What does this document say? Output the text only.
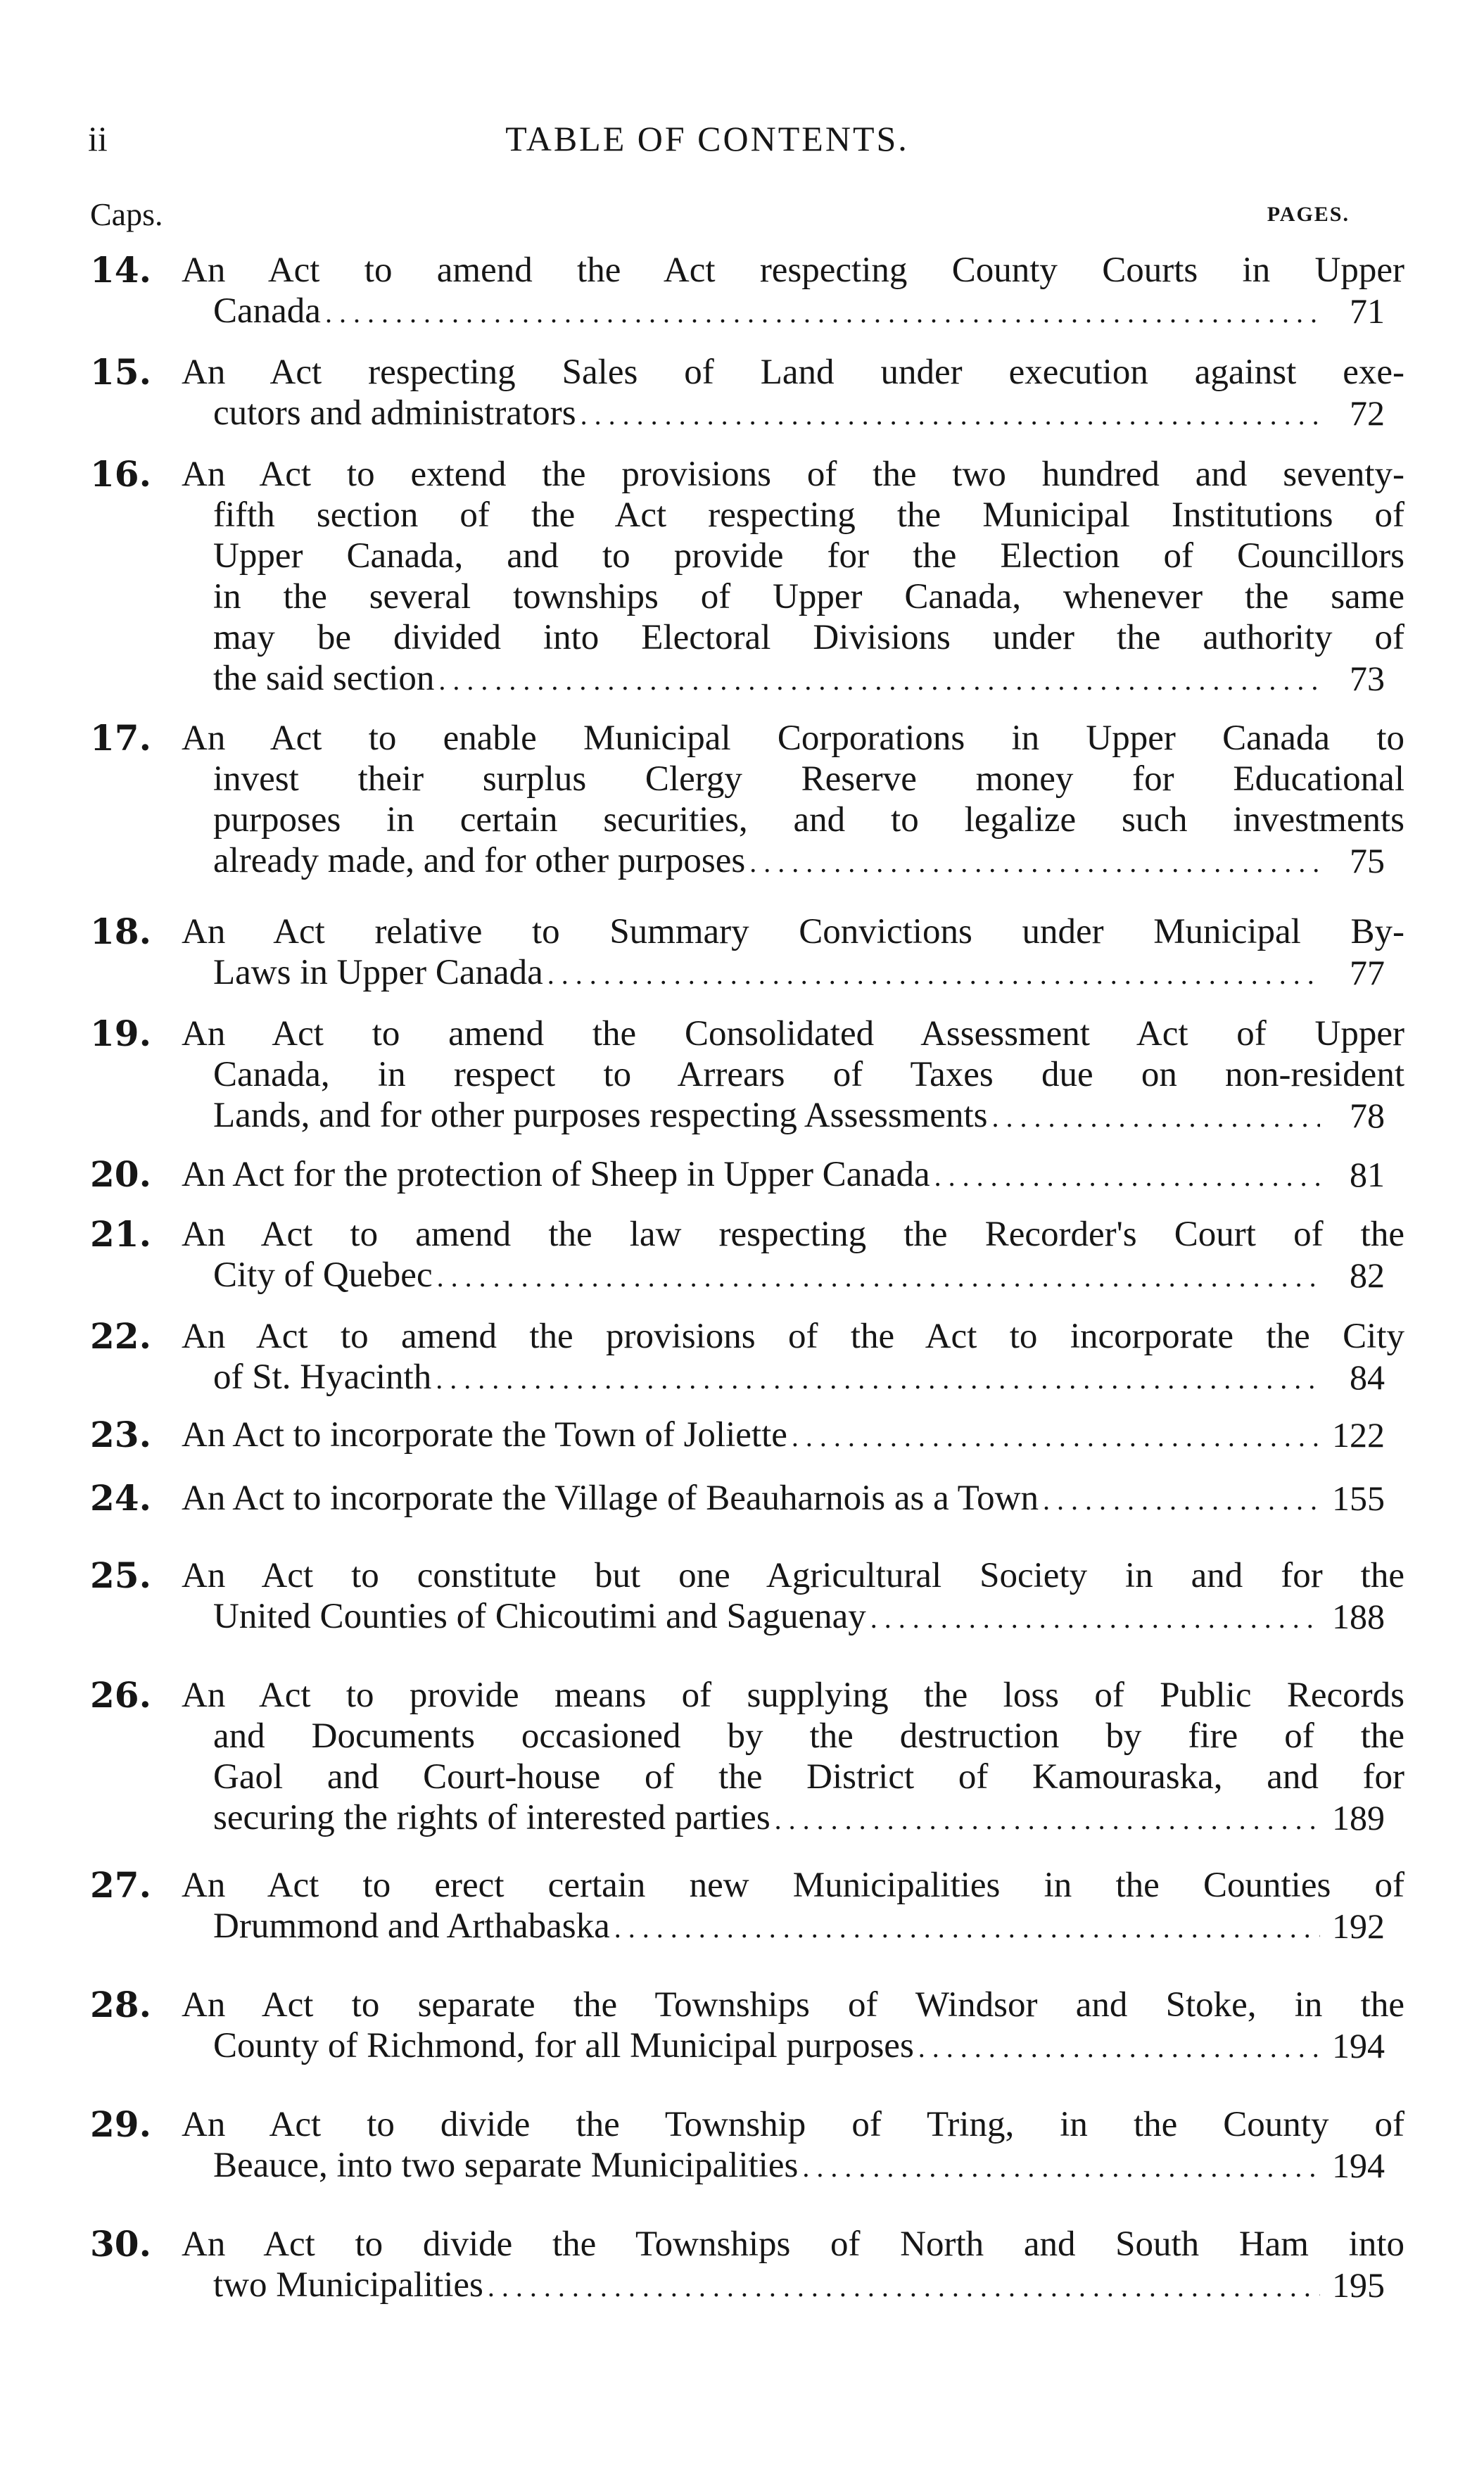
ii	TABLE OF CONTENTS.
Caps.	PAGES.
14. An Act to amend the Act respecting County Courts in Upper
Canada . . .	71
15. An Act respecting Sales of Land under execution against exe-
cutors and administrators . . .	72
16. An Act to extend the provisions of the two hundred and seventy-
fifth section of the Act respecting the Municipal Institutions of
Upper Canada, and to provide for the Election of Councillors
in the several townships of Upper Canada, whenever the same
may be divided into Electoral Divisions under the authority of
the said section . . .	73
17. An Act to enable Municipal Corporations in Upper Canada to
invest their surplus Clergy Reserve money for Educational
purposes in certain securities, and to legalize such investments
already made, and for other purposes . . .	75
18. An Act relative to Summary Convictions under Municipal By-
Laws in Upper Canada . . .	77
19. An Act to amend the Consolidated Assessment Act of Upper
Canada, in respect to Arrears of Taxes due on non-resident
Lands, and for other purposes respecting Assessments . . .	78
20. An Act for the protection of Sheep in Upper Canada . . .	81
21. An Act to amend the law respecting the Recorder's Court of the
City of Quebec . . .	82
22. An Act to amend the provisions of the Act to incorporate the City
of St. Hyacinth . . .	84
23. An Act to incorporate the Town of Joliette . . .	122
24. An Act to incorporate the Village of Beauharnois as a Town . . .	155
25. An Act to constitute but one Agricultural Society in and for the
United Counties of Chicoutimi and Saguenay . . .	188
26. An Act to provide means of supplying the loss of Public Records
and Documents occasioned by the destruction by fire of the
Gaol and Court-house of the District of Kamouraska, and for
securing the rights of interested parties . . .	189
27. An Act to erect certain new Municipalities in the Counties of
Drummond and Arthabaska . . .	192
28. An Act to separate the Townships of Windsor and Stoke, in the
County of Richmond, for all Municipal purposes . . .	194
29. An Act to divide the Township of Tring, in the County of
Beauce, into two separate Municipalities . . .	194
30. An Act to divide the Townships of North and South Ham into
two Municipalities . . .	195
